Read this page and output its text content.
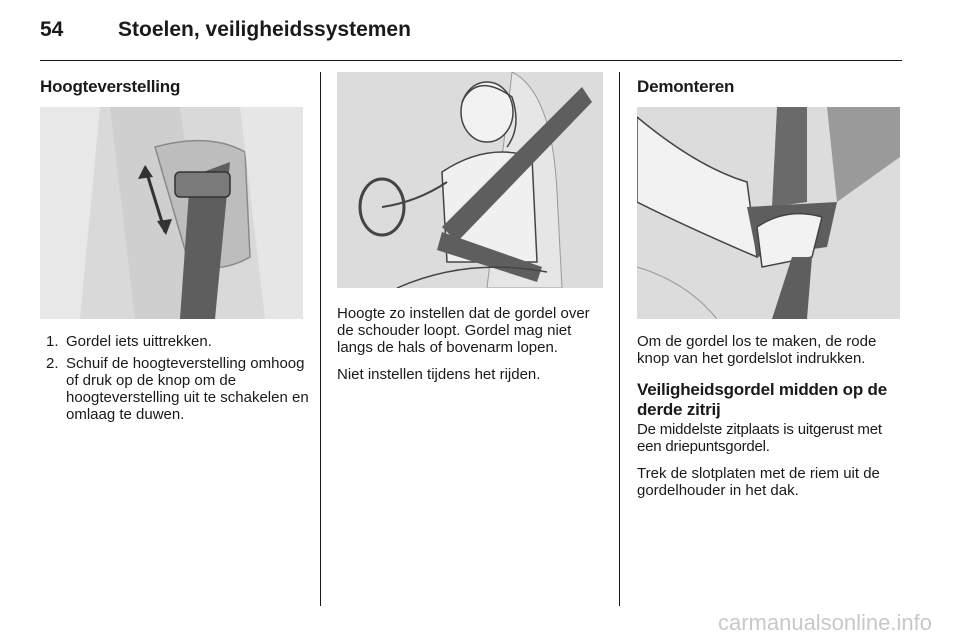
54	Stoelen, veiligheidssystemen
Hoogteverstelling
1. Gordel iets uittrekken.
2. Schuif de hoogteverstelling omhoog of druk op de knop om de hoogteverstelling uit te schakelen en omlaag te duwen.

Hoogte zo instellen dat de gordel over de schouder loopt. Gordel mag niet langs de hals of bovenarm lopen.

Niet instellen tijdens het rijden.

Demonteren

Om de gordel los te maken, de rode knop van het gordelslot indrukken.

Veiligheidsgordel midden op de derde zitrij

De middelste zitplaats is uitgerust met een driepuntsgordel.

Trek de slotplaten met de riem uit de gordelhouder in het dak.

carmanualsonline.info
